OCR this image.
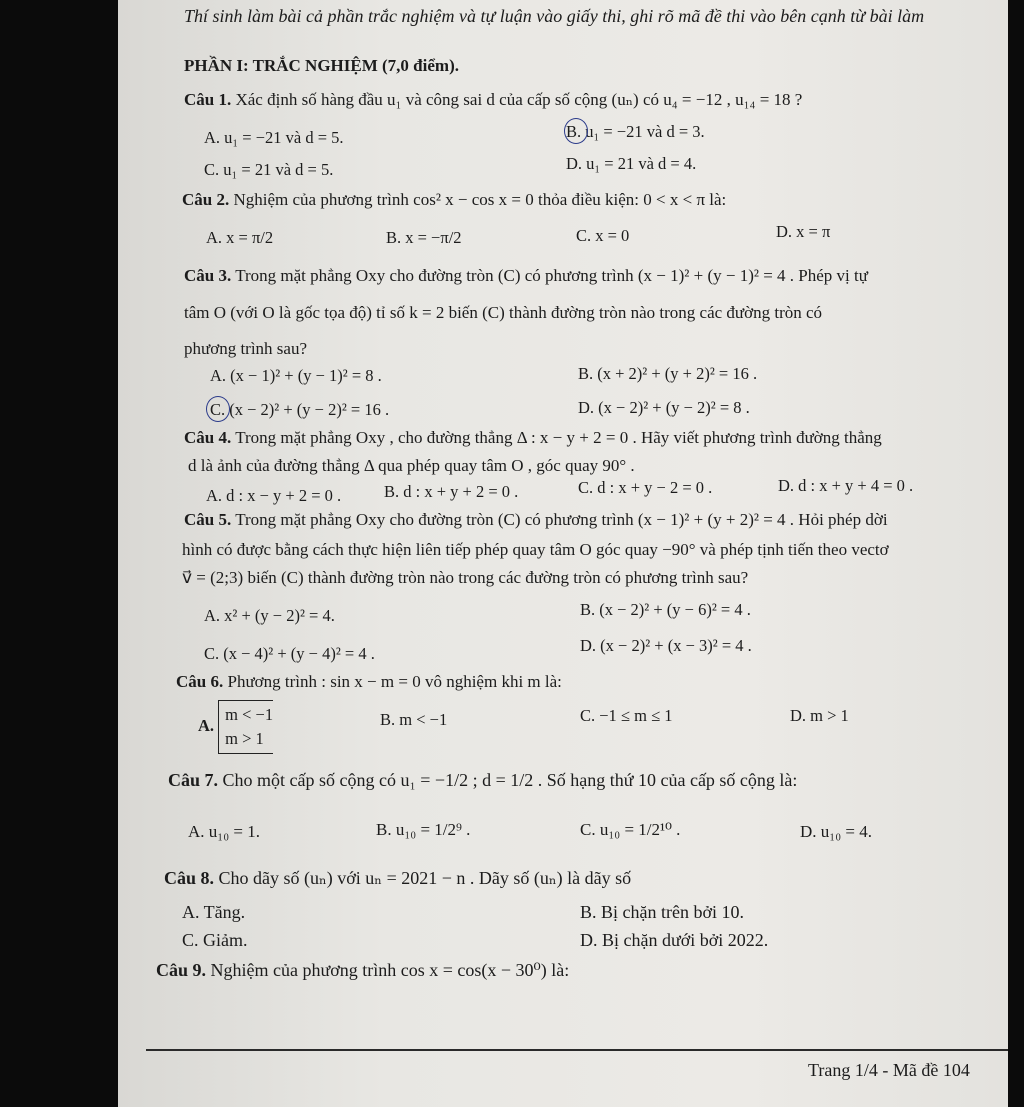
Thí sinh làm bài cả phần trắc nghiệm và tự luận vào giấy thi, ghi rõ mã đề thi vào bên cạnh từ bài làm
PHẦN I: TRẮC NGHIỆM (7,0 điểm).
Câu 1. Xác định số hàng đầu u₁ và công sai d của cấp số cộng (uₙ) có u₄ = −12 , u₁₄ = 18 ?
A. u₁ = −21 và d = 5.	B. u₁ = −21 và d = 3.
C. u₁ = 21 và d = 5.	D. u₁ = 21 và d = 4.
Câu 2. Nghiệm của phương trình cos² x − cos x = 0 thỏa điều kiện: 0 < x < π là:
A. x = π/2	B. x = −π/2	C. x = 0	D. x = π
Câu 3. Trong mặt phẳng Oxy cho đường tròn (C) có phương trình (x − 1)² + (y − 1)² = 4 . Phép vị tự
tâm O (với O là gốc tọa độ) tỉ số k = 2 biến (C) thành đường tròn nào trong các đường tròn có
phương trình sau?
A. (x − 1)² + (y − 1)² = 8 .	B. (x + 2)² + (y + 2)² = 16 .
C. (x − 2)² + (y − 2)² = 16 .	D. (x − 2)² + (y − 2)² = 8 .
Câu 4. Trong mặt phẳng Oxy , cho đường thẳng Δ : x − y + 2 = 0 . Hãy viết phương trình đường thẳng
d là ảnh của đường thẳng Δ qua phép quay tâm O , góc quay 90° .
A. d : x − y + 2 = 0 .	B. d : x + y + 2 = 0 .	C. d : x + y − 2 = 0 .	D. d : x + y + 4 = 0 .
Câu 5. Trong mặt phẳng Oxy cho đường tròn (C) có phương trình (x − 1)² + (y + 2)² = 4 . Hỏi phép dời
hình có được bằng cách thực hiện liên tiếp phép quay tâm O góc quay −90° và phép tịnh tiến theo vectơ
v⃗ = (2;3) biến (C) thành đường tròn nào trong các đường tròn có phương trình sau?
A. x² + (y − 2)² = 4.	B. (x − 2)² + (y − 6)² = 4 .
C. (x − 4)² + (y − 4)² = 4 .	D. (x − 2)² + (x − 3)² = 4 .
Câu 6. Phương trình : sin x − m = 0 vô nghiệm khi m là:
A.
m < −1
m > 1
B. m < −1	C. −1 ≤ m ≤ 1	D. m > 1
Câu 7. Cho một cấp số cộng có u₁ = −1/2 ; d = 1/2 . Số hạng thứ 10 của cấp số cộng là:
A. u₁₀ = 1.	B. u₁₀ = 1/2⁹ .	C. u₁₀ = 1/2¹⁰ .	D. u₁₀ = 4.
Câu 8. Cho dãy số (uₙ) với uₙ = 2021 − n . Dãy số (uₙ) là dãy số
A. Tăng.	B. Bị chặn trên bởi 10.
C. Giảm.	D. Bị chặn dưới bởi 2022.
Câu 9. Nghiệm của phương trình cos x = cos(x − 30⁰) là:
Trang 1/4 - Mã đề 104
